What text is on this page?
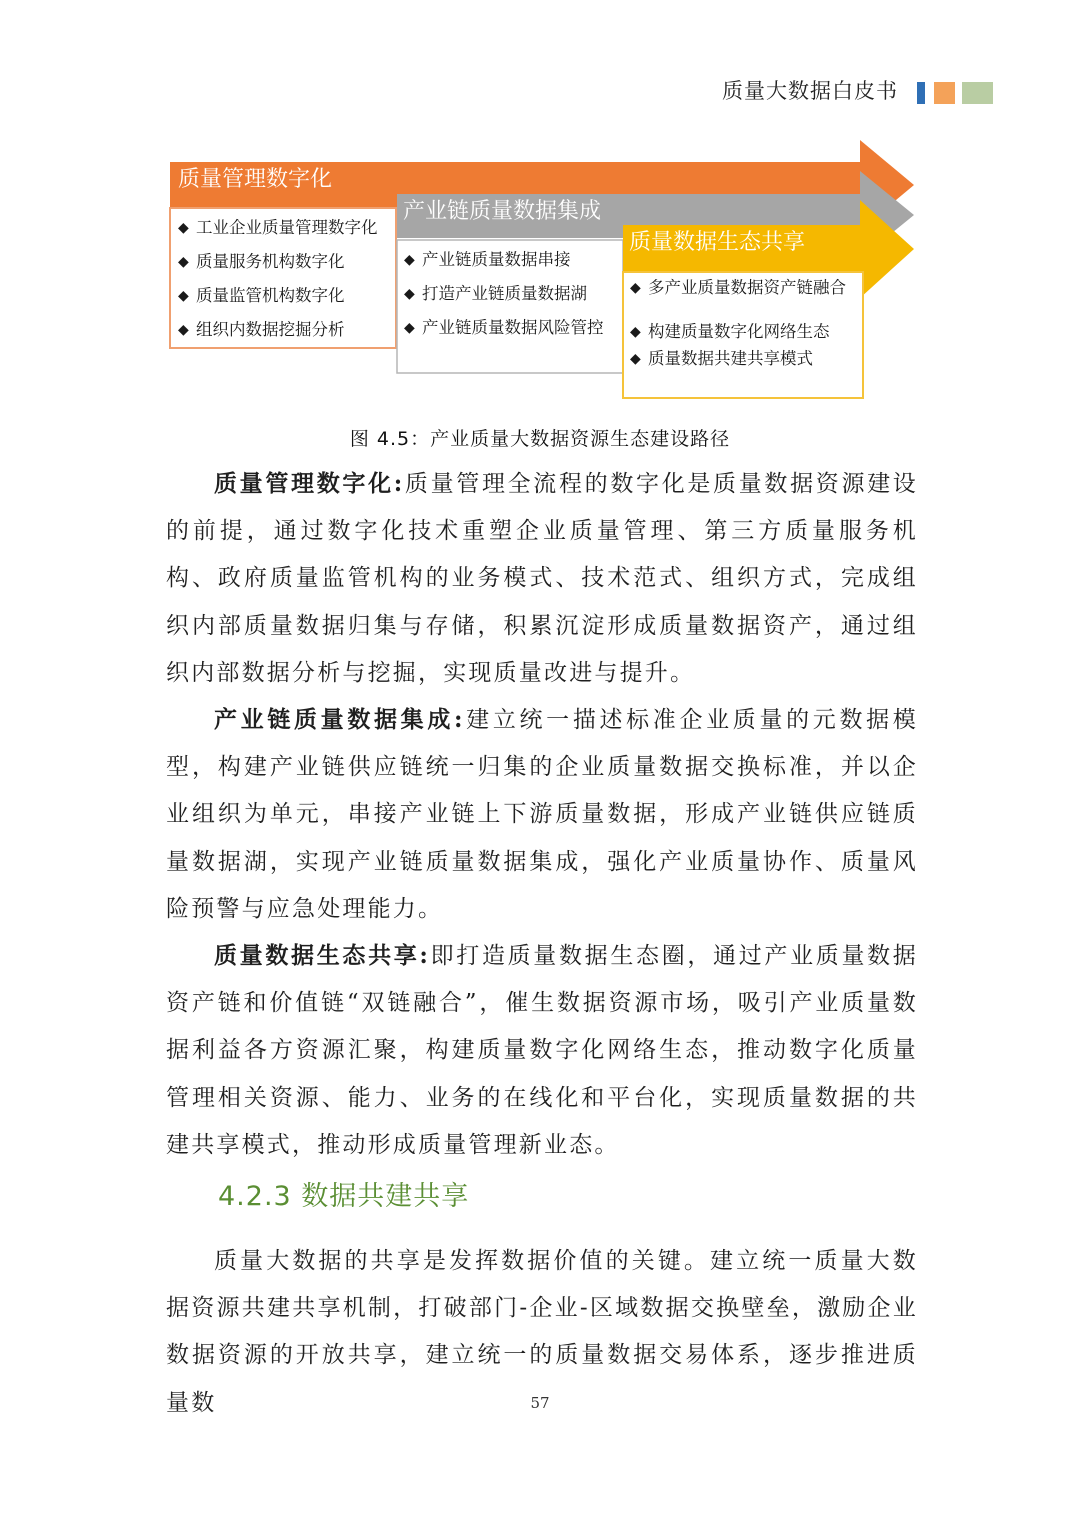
质量大数据白皮书
质量管理数字化
产业链质量数据集成
质量数据生态共享
◆ 工业企业质量管理数字化
◆ 质量服务机构数字化
◆ 质量监管机构数字化
◆ 组织内数据挖掘分析
◆ 产业链质量数据串接
◆ 打造产业链质量数据湖
◆ 产业链质量数据风险管控
◆ 多产业质量数据资产链融合
◆ 构建质量数字化网络生态
◆ 质量数据共建共享模式
图 4.5：产业质量大数据资源生态建设路径

质量管理数字化:质量管理全流程的数字化是质量数据资源建设的前提，通过数字化技术重塑企业质量管理、第三方质量服务机构、政府质量监管机构的业务模式、技术范式、组织方式，完成组织内部质量数据归集与存储，积累沉淀形成质量数据资产，通过组织内部数据分析与挖掘，实现质量改进与提升。

产业链质量数据集成:建立统一描述标准企业质量的元数据模型，构建产业链供应链统一归集的企业质量数据交换标准，并以企业组织为单元，串接产业链上下游质量数据，形成产业链供应链质量数据湖，实现产业链质量数据集成，强化产业质量协作、质量风险预警与应急处理能力。

质量数据生态共享:即打造质量数据生态圈，通过产业质量数据资产链和价值链“双链融合”，催生数据资源市场，吸引产业质量数据利益各方资源汇聚，构建质量数字化网络生态，推动数字化质量管理相关资源、能力、业务的在线化和平台化，实现质量数据的共建共享模式，推动形成质量管理新业态。

4.2.3 数据共建共享

质量大数据的共享是发挥数据价值的关键。建立统一质量大数据资源共建共享机制，打破部门-企业-区域数据交换壁垒，激励企业数据资源的开放共享，建立统一的质量数据交易体系，逐步推进质量数	57
